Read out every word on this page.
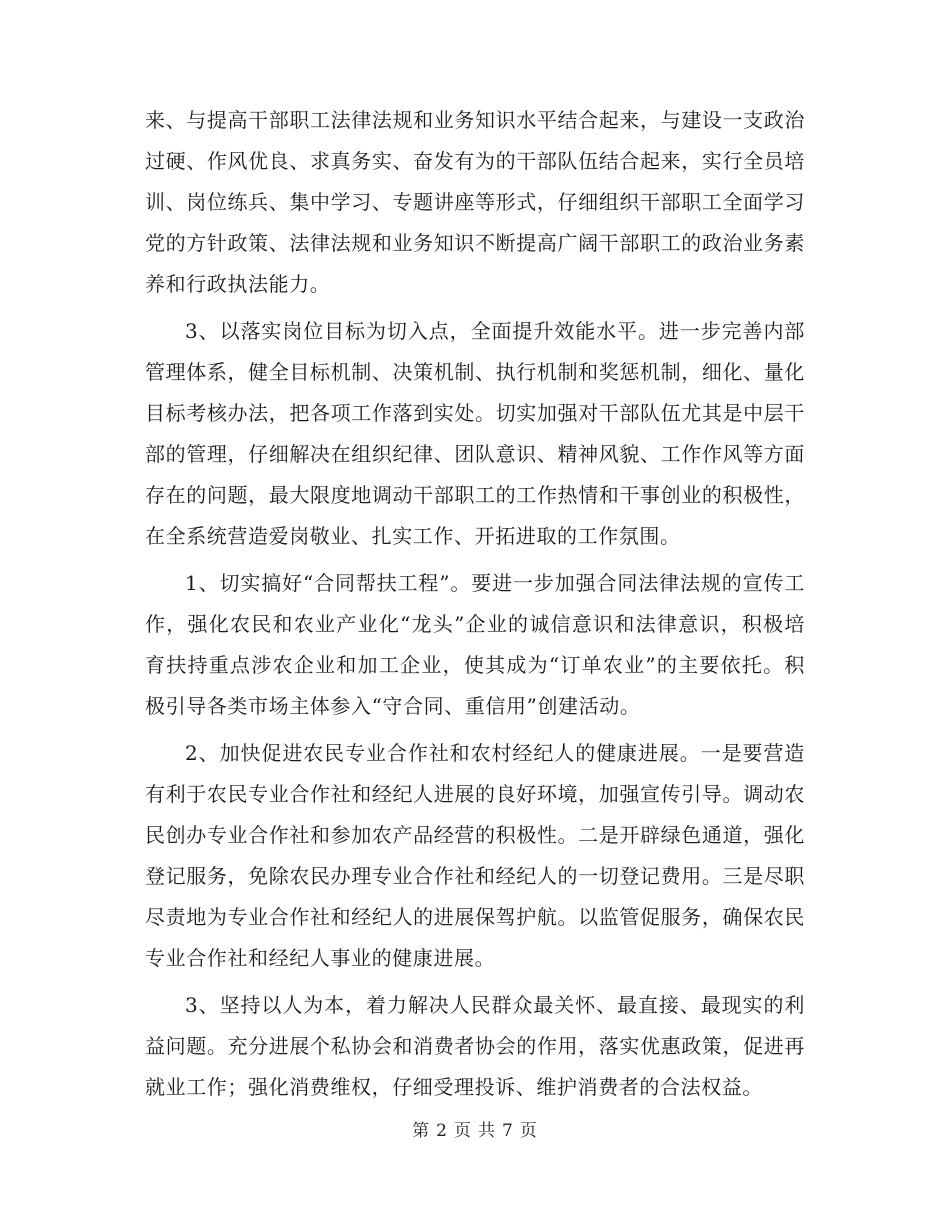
来、与提高干部职工法律法规和业务知识水平结合起来，与建设一支政治过硬、作风优良、求真务实、奋发有为的干部队伍结合起来，实行全员培训、岗位练兵、集中学习、专题讲座等形式，仔细组织干部职工全面学习党的方针政策、法律法规和业务知识不断提高广阔干部职工的政治业务素养和行政执法能力。

3、以落实岗位目标为切入点，全面提升效能水平。进一步完善内部管理体系，健全目标机制、决策机制、执行机制和奖惩机制，细化、量化目标考核办法，把各项工作落到实处。切实加强对干部队伍尤其是中层干部的管理，仔细解决在组织纪律、团队意识、精神风貌、工作作风等方面存在的问题，最大限度地调动干部职工的工作热情和干事创业的积极性，在全系统营造爱岗敬业、扎实工作、开拓进取的工作氛围。

1、切实搞好“合同帮扶工程”。要进一步加强合同法律法规的宣传工作，强化农民和农业产业化“龙头”企业的诚信意识和法律意识，积极培育扶持重点涉农企业和加工企业，使其成为“订单农业”的主要依托。积极引导各类市场主体参入“守合同、重信用”创建活动。

2、加快促进农民专业合作社和农村经纪人的健康进展。一是要营造有利于农民专业合作社和经纪人进展的良好环境，加强宣传引导。调动农民创办专业合作社和参加农产品经营的积极性。二是开辟绿色通道，强化登记服务，免除农民办理专业合作社和经纪人的一切登记费用。三是尽职尽责地为专业合作社和经纪人的进展保驾护航。以监管促服务，确保农民专业合作社和经纪人事业的健康进展。

3、坚持以人为本，着力解决人民群众最关怀、最直接、最现实的利益问题。充分进展个私协会和消费者协会的作用，落实优惠政策，促进再就业工作；强化消费维权，仔细受理投诉、维护消费者的合法权益。

第 2 页 共 7 页
